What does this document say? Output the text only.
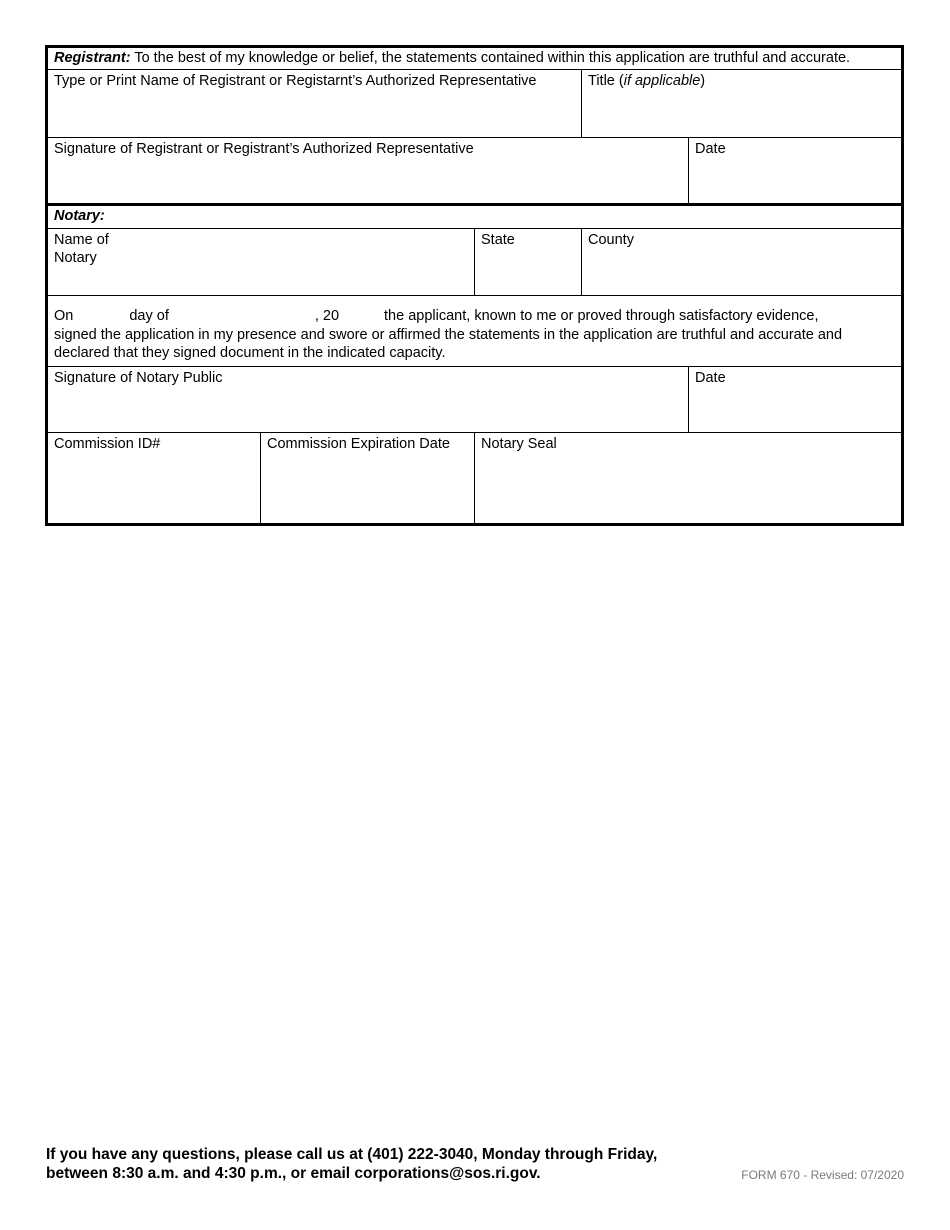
Registrant: To the best of my knowledge or belief, the statements contained within this application are truthful and accurate.
Type or Print Name of Registrant or Registarnt’s Authorized Representative	Title (if applicable)
Signature of Registrant or Registrant’s Authorized Representative	Date
Notary:
Name of
Notary
State	County
On	day of	, 20	the applicant, known to me or proved through satisfactory evidence,
signed the application in my presence and swore or affirmed the statements in the application are truthful and accurate and
declared that they signed document in the indicated capacity.
Signature of Notary Public	Date
Commission ID#	Commission Expiration Date	Notary Seal
If you have any questions, please call us at (401) 222-3040, Monday through Friday,
between 8:30 a.m. and 4:30 p.m., or email corporations@sos.ri.gov.	FORM 670 - Revised: 07/2020
